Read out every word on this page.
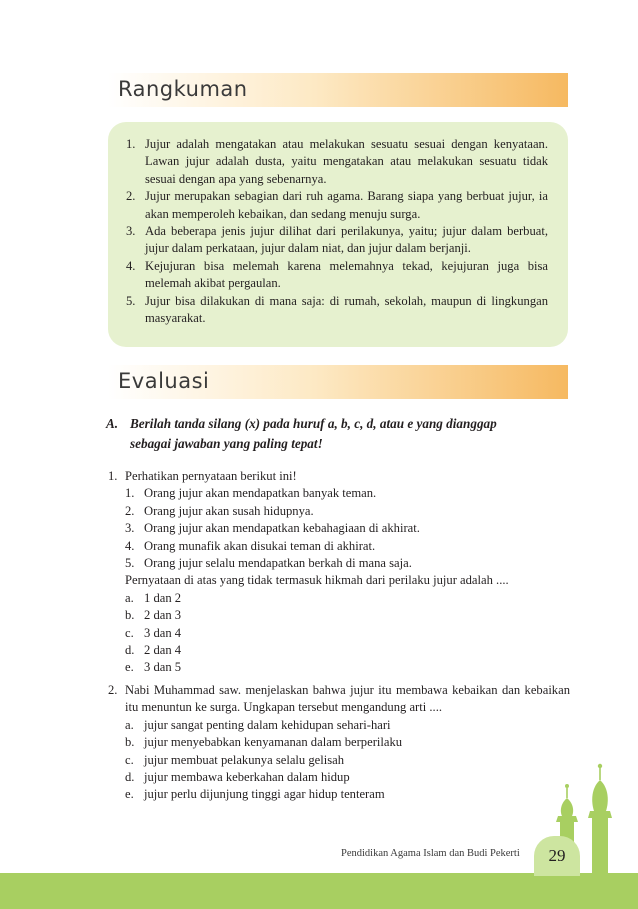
Rangkuman
1. Jujur adalah mengatakan atau melakukan sesuatu sesuai dengan kenyataan. Lawan jujur adalah dusta, yaitu mengatakan atau melakukan sesuatu tidak sesuai dengan apa yang sebenarnya.
2. Jujur merupakan sebagian dari ruh agama. Barang siapa yang berbuat jujur, ia akan memperoleh kebaikan, dan sedang menuju surga.
3. Ada beberapa jenis jujur dilihat dari perilakunya, yaitu; jujur dalam berbuat, jujur dalam perkataan, jujur dalam niat, dan jujur dalam berjanji.
4. Kejujuran bisa melemah karena melemahnya tekad, kejujuran juga bisa melemah akibat pergaulan.
5. Jujur bisa dilakukan di mana saja: di rumah, sekolah, maupun di lingkungan masyarakat.
Evaluasi
A. Berilah tanda silang (x) pada huruf a, b, c, d, atau e yang dianggap
sebagai jawaban yang paling tepat!
1. Perhatikan pernyataan berikut ini!
1. Orang jujur akan mendapatkan banyak teman.
2. Orang jujur akan susah hidupnya.
3. Orang jujur akan mendapatkan kebahagiaan di akhirat.
4. Orang munafik akan disukai teman di akhirat.
5. Orang jujur selalu mendapatkan berkah di mana saja.
Pernyataan di atas yang tidak termasuk hikmah dari perilaku jujur adalah ....
a. 1 dan 2
b. 2 dan 3
c. 3 dan 4
d. 2 dan 4
e. 3 dan 5
2. Nabi Muhammad saw. menjelaskan bahwa jujur itu membawa kebaikan dan kebaikan itu menuntun ke surga. Ungkapan tersebut mengandung arti ....
a. jujur sangat penting dalam kehidupan sehari-hari
b. jujur menyebabkan kenyamanan dalam berperilaku
c. jujur membuat pelakunya selalu gelisah
d. jujur membawa keberkahan dalam hidup
e. jujur perlu dijunjung tinggi agar hidup tenteram
Pendidikan Agama Islam dan Budi Pekerti	29
